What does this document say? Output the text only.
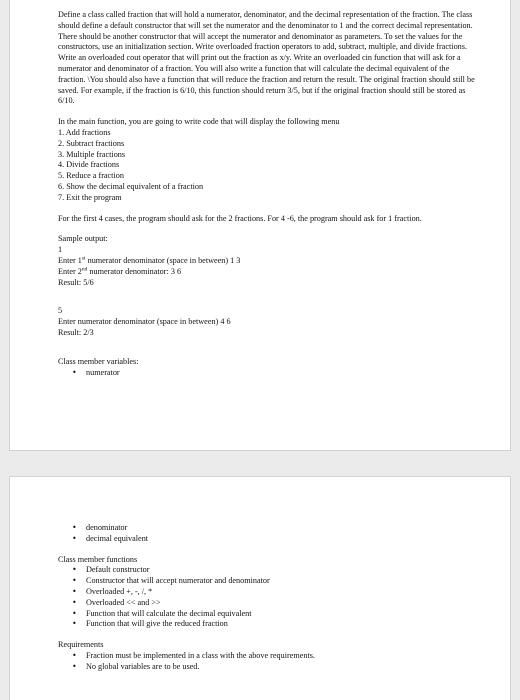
Define a class called fraction that will hold a numerator, denominator, and the decimal representation of the fraction. The class should define a default constructor that will set the numerator and the denominator to 1 and the correct decimal representation. There should be another constructor that will accept the numerator and denominator as parameters. To set the values for the constructors, use an initialization section. Write overloaded fraction operators to add, subtract, multiple, and divide fractions. Write an overloaded cout operator that will print out the fraction as x/y. Write an overloaded cin function that will ask for a numerator and denominator of a fraction. You will also write a function that will calculate the decimal equivalent of the fraction. \You should also have a function that will reduce the fraction and return the result. The original fraction should still be saved. For example, if the fraction is 6/10, this function should return 3/5, but if the original fraction should still be stored as 6/10.

In the main function, you are going to write code that will display the following menu

1. Add fractions
2. Subtract fractions
3. Multiple fractions
4. Divide fractions
5. Reduce a fraction
6. Show the decimal equivalent of a fraction
7. Exit the program

For the first 4 cases, the program should ask for the 2 fractions. For 4 -6, the program should ask for 1 fraction.

Sample output:

1

Enter 1st numerator denominator (space in between) 1 3

Enter 2nd numerator denominator: 3 6

Result: 5/6

5

Enter numerator denominator (space in between) 4 6

Result: 2/3

Class member variables:

• numerator
• denominator
• decimal equivalent

Class member functions

• Default constructor
• Constructor that will accept numerator and denominator
• Overloaded +, -, /, *
• Overloaded << and >>
• Function that will calculate the decimal equivalent
• Function that will give the reduced fraction

Requirements

• Fraction must be implemented in a class with the above requirements.
• No global variables are to be used.
